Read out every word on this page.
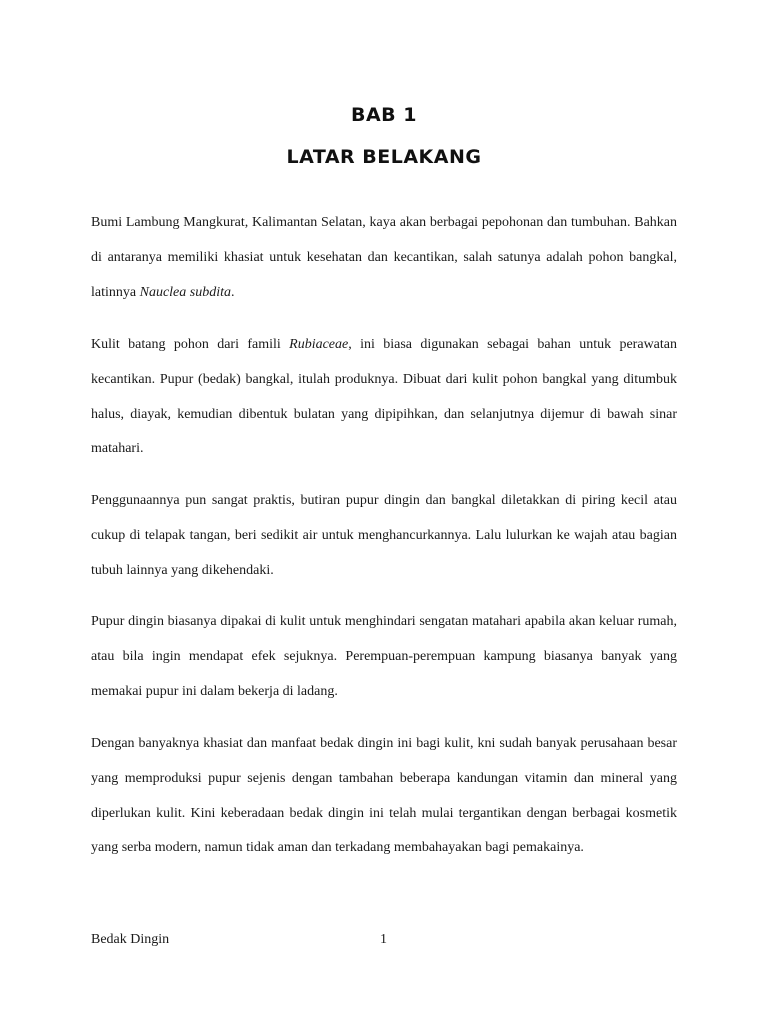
BAB 1
LATAR BELAKANG

Bumi Lambung Mangkurat, Kalimantan Selatan, kaya akan berbagai pepohonan dan tumbuhan. Bahkan di antaranya memiliki khasiat untuk kesehatan dan kecantikan, salah satunya adalah pohon bangkal, latinnya Nauclea subdita.

Kulit batang pohon dari famili Rubiaceae, ini biasa digunakan sebagai bahan untuk perawatan kecantikan. Pupur (bedak) bangkal, itulah produknya. Dibuat dari kulit pohon bangkal yang ditumbuk halus, diayak, kemudian dibentuk bulatan yang dipipihkan, dan selanjutnya dijemur di bawah sinar matahari.

Penggunaannya pun sangat praktis, butiran pupur dingin dan bangkal diletakkan di piring kecil atau cukup di telapak tangan, beri sedikit air untuk menghancurkannya. Lalu lulurkan ke wajah atau bagian tubuh lainnya yang dikehendaki.

Pupur dingin biasanya dipakai di kulit untuk menghindari sengatan matahari apabila akan keluar rumah, atau bila ingin mendapat efek sejuknya. Perempuan-perempuan kampung biasanya banyak yang memakai pupur ini dalam bekerja di ladang.

Dengan banyaknya khasiat dan manfaat bedak dingin ini bagi kulit, kni sudah banyak perusahaan besar yang memproduksi pupur sejenis dengan tambahan beberapa kandungan vitamin dan mineral yang diperlukan kulit. Kini keberadaan bedak dingin ini telah mulai tergantikan dengan berbagai kosmetik yang serba modern, namun tidak aman dan terkadang membahayakan bagi pemakainya.

Bedak Dingin	1
